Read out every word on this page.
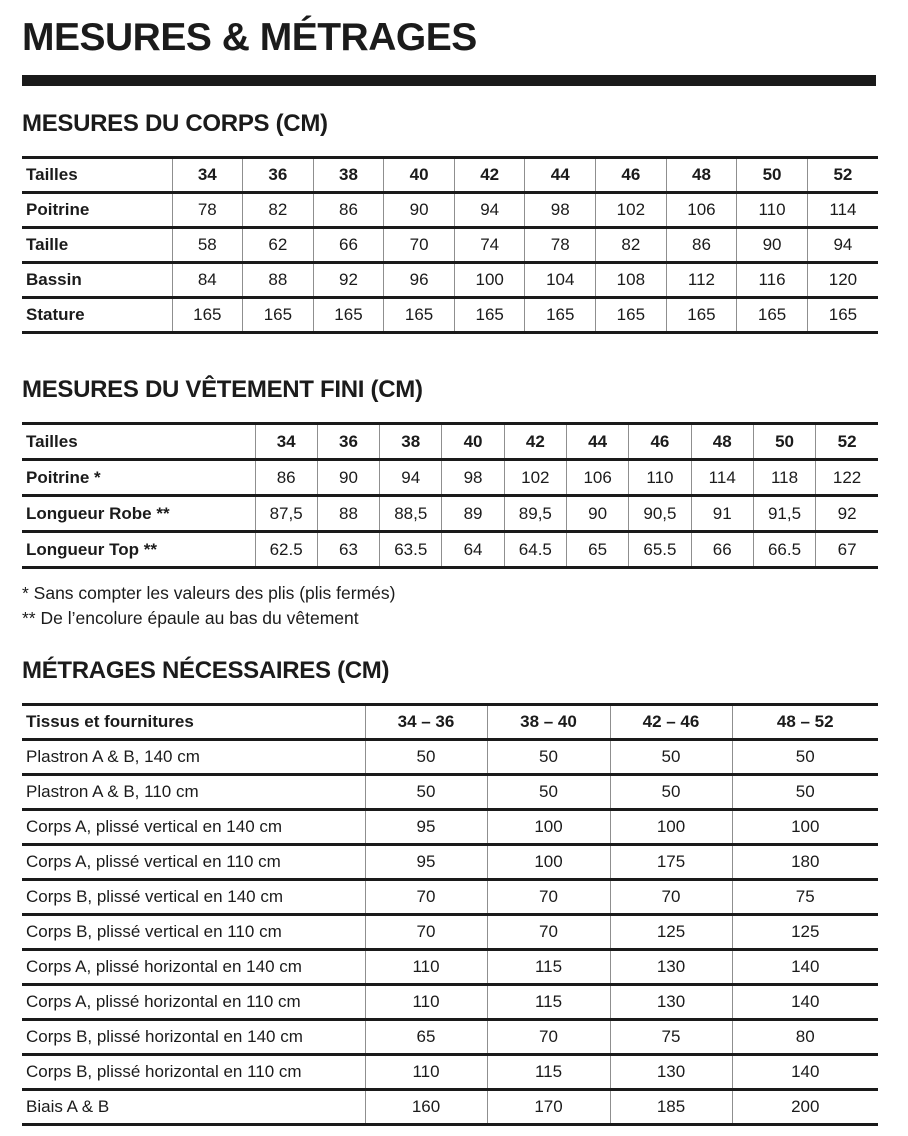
MESURES & MÉTRAGES
MESURES DU CORPS (CM)
Tailles	34	36	38	40	42	44	46	48	50	52
Poitrine	78	82	86	90	94	98	102	106	110	114
Taille	58	62	66	70	74	78	82	86	90	94
Bassin	84	88	92	96	100	104	108	112	116	120
Stature	165	165	165	165	165	165	165	165	165	165
MESURES DU VÊTEMENT FINI (CM)
Tailles	34	36	38	40	42	44	46	48	50	52
Poitrine *	86	90	94	98	102	106	110	114	118	122
Longueur Robe **	87,5	88	88,5	89	89,5	90	90,5	91	91,5	92
Longueur Top **	62.5	63	63.5	64	64.5	65	65.5	66	66.5	67

* Sans compter les valeurs des plis (plis fermés)

** De l’encolure épaule au bas du vêtement

MÉTRAGES NÉCESSAIRES (CM)
Tissus et fournitures	34 – 36	38 – 40	42 – 46	48 – 52
Plastron A & B, 140 cm	50	50	50	50
Plastron A & B, 110 cm	50	50	50	50
Corps A, plissé vertical en 140 cm	95	100	100	100
Corps A, plissé vertical en 110 cm	95	100	175	180
Corps B, plissé vertical en 140 cm	70	70	70	75
Corps B, plissé vertical en 110 cm	70	70	125	125
Corps A, plissé horizontal en 140 cm	110	115	130	140
Corps A, plissé horizontal en 110 cm	110	115	130	140
Corps B, plissé horizontal en 140 cm	65	70	75	80
Corps B, plissé horizontal en 110 cm	110	115	130	140
Biais A & B	160	170	185	200
